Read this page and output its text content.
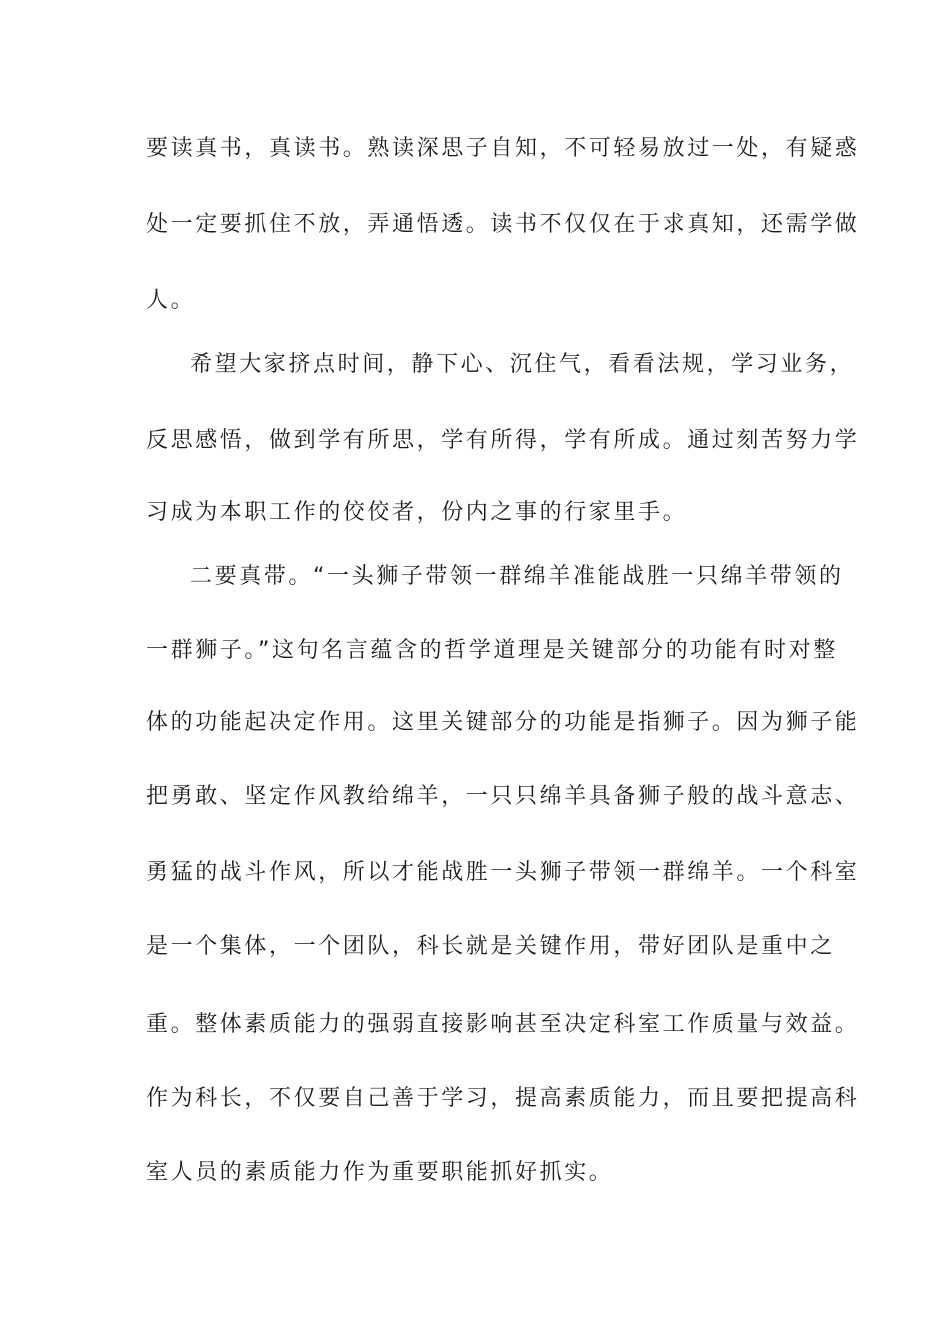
要读真书，真读书。熟读深思子自知，不可轻易放过一处，有疑惑
处一定要抓住不放，弄通悟透。读书不仅仅在于求真知，还需学做
人。
希望大家挤点时间，静下心、沉住气，看看法规，学习业务，
反思感悟，做到学有所思，学有所得，学有所成。通过刻苦努力学
习成为本职工作的佼佼者，份内之事的行家里手。
二要真带。“一头狮子带领一群绵羊准能战胜一只绵羊带领的
一群狮子。”这句名言蕴含的哲学道理是关键部分的功能有时对整
体的功能起决定作用。这里关键部分的功能是指狮子。因为狮子能
把勇敢、坚定作风教给绵羊，一只只绵羊具备狮子般的战斗意志、
勇猛的战斗作风，所以才能战胜一头狮子带领一群绵羊。一个科室
是一个集体，一个团队，科长就是关键作用，带好团队是重中之
重。整体素质能力的强弱直接影响甚至决定科室工作质量与效益。
作为科长，不仅要自己善于学习，提高素质能力，而且要把提高科
室人员的素质能力作为重要职能抓好抓实。
